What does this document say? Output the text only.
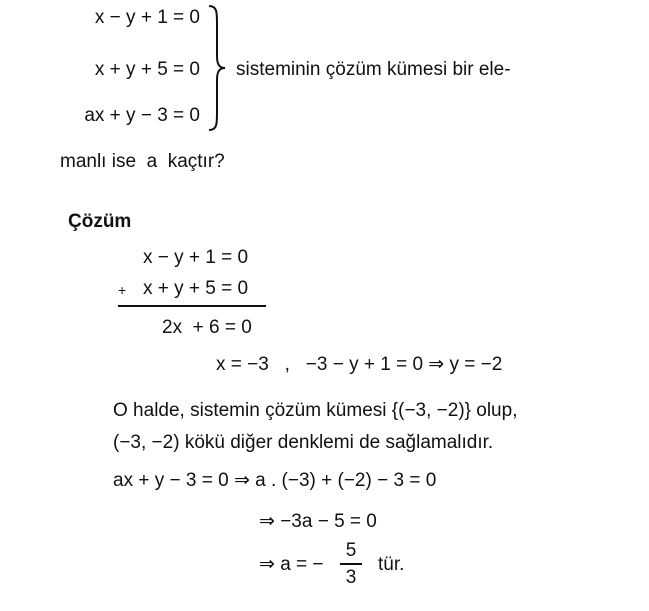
x − y + 1 = 0
x + y + 5 = 0
ax + y − 3 = 0
sisteminin çözüm kümesi bir ele-
manlı ise  a  kaçtır?
Çözüm
x − y + 1 = 0
+ x + y + 5 = 0
2x  + 6 = 0
x = −3   ,   −3 − y + 1 = 0 ⇒ y = −2
O halde, sistemin çözüm kümesi {(−3, −2)} olup,
(−3, −2) kökü diğer denklemi de sağlamalıdır.
ax + y − 3 = 0 ⇒ a . (−3) + (−2) − 3 = 0
⇒ −3a − 5 = 0
⇒ a = −
5
3
tür.
